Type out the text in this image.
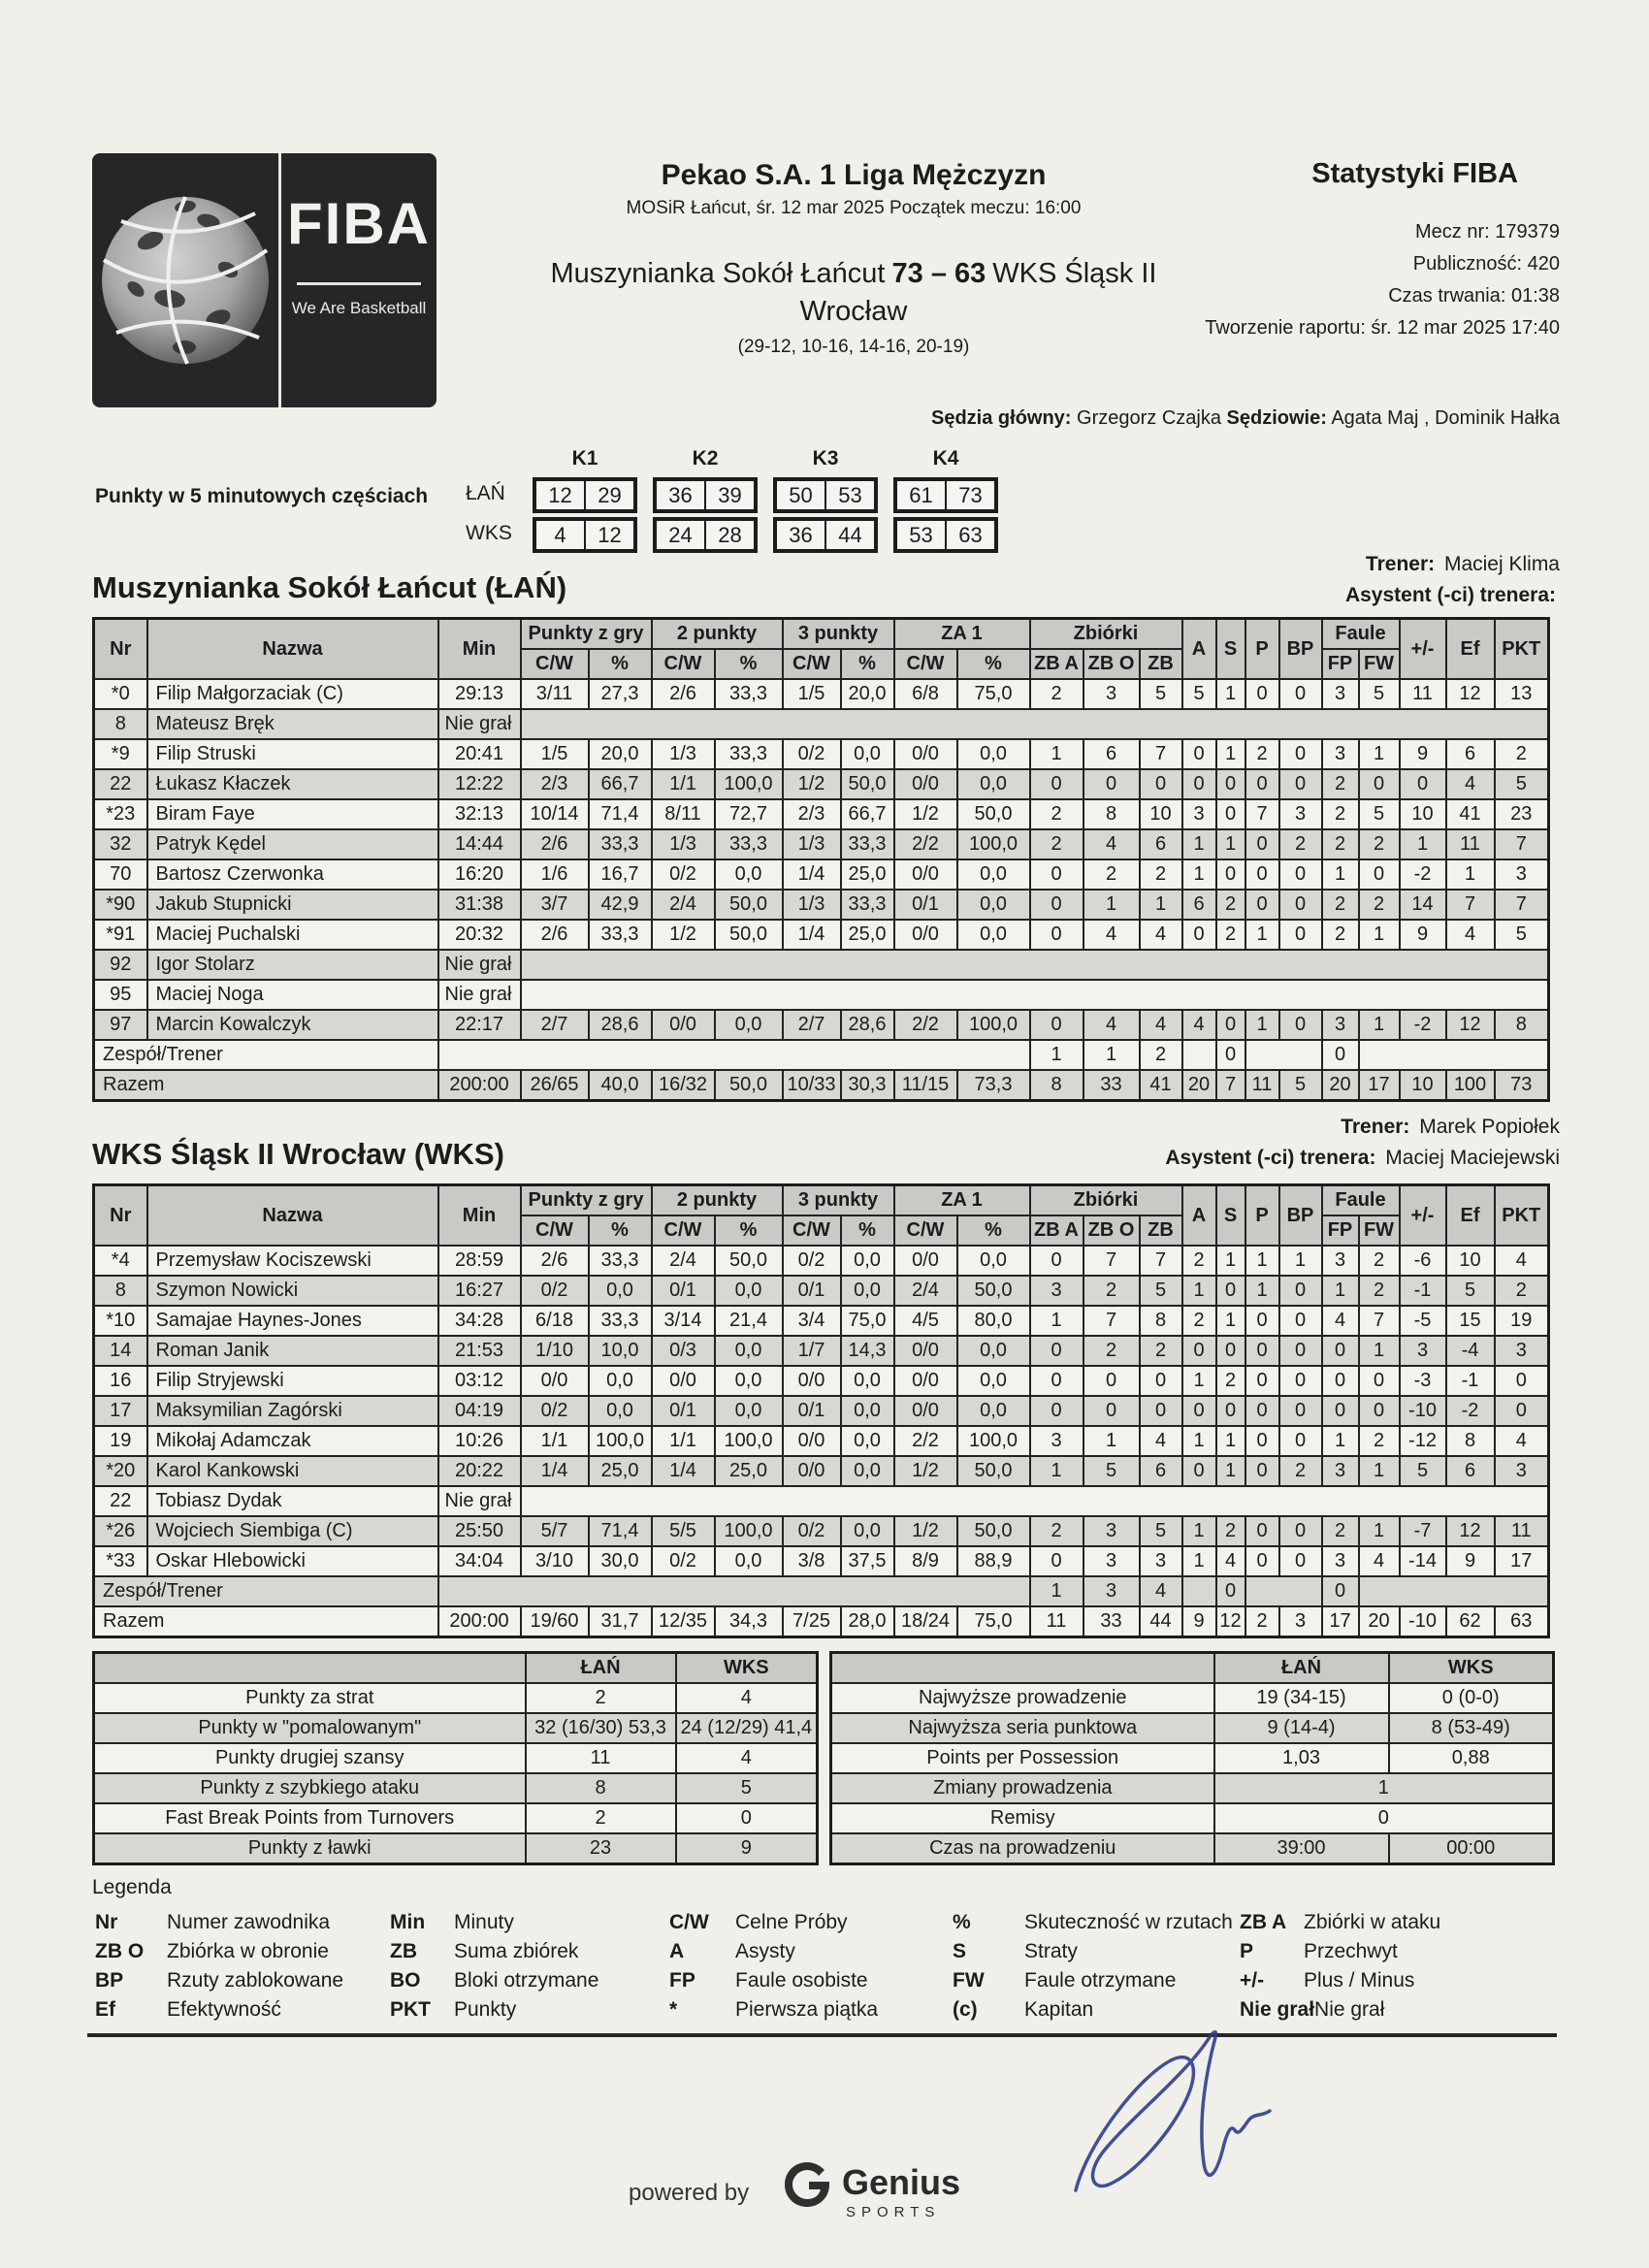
FIBA
We Are Basketball
Pekao S.A. 1 Liga Mężczyzn
MOSiR Łańcut, śr. 12 mar 2025 Początek meczu: 16:00
Muszynianka Sokół Łańcut 73 – 63 WKS Śląsk II
Wrocław
(29-12, 10-16, 14-16, 20-19)
Statystyki FIBA
Mecz nr: 179379
Publiczność: 420
Czas trwania: 01:38
Tworzenie raportu: śr. 12 mar 2025 17:40
Sędzia główny: Grzegorz Czajka Sędziowie: Agata Maj , Dominik Hałka
Punkty w 5 minutowych częściach
K1	K2	K3	K4
ŁAŃ	12	29	36	39	50	53	61	73
WKS	4	12	24	28	36	44	53	63
Trener: Maciej Klima
Asystent (-ci) trenera:
Muszynianka Sokół Łańcut (ŁAŃ)
Nr	Nazwa	Min	Punkty z gry		2 punkty		3 punkty		ZA 1		Zbiórki			A	S	P	BP	Faule		+/-	Ef	PKT
			C/W	%	C/W	%	C/W	%	C/W	%	ZB A	ZB O	ZB					FP	FW			
*0	Filip Małgorzaciak (C)	29:13	3/11	27,3	2/6	33,3	1/5	20,0	6/8	75,0	2	3	5	5	1	0	0	3	5	11	12	13
8	Mateusz Bręk	Nie grał																				
*9	Filip Struski	20:41	1/5	20,0	1/3	33,3	0/2	0,0	0/0	0,0	1	6	7	0	1	2	0	3	1	9	6	2
22	Łukasz Kłaczek	12:22	2/3	66,7	1/1	100,0	1/2	50,0	0/0	0,0	0	0	0	0	0	0	0	2	0	0	4	5
*23	Biram Faye	32:13	10/14	71,4	8/11	72,7	2/3	66,7	1/2	50,0	2	8	10	3	0	7	3	2	5	10	41	23
32	Patryk Kędel	14:44	2/6	33,3	1/3	33,3	1/3	33,3	2/2	100,0	2	4	6	1	1	0	2	2	2	1	11	7
70	Bartosz Czerwonka	16:20	1/6	16,7	0/2	0,0	1/4	25,0	0/0	0,0	0	2	2	1	0	0	0	1	0	-2	1	3
*90	Jakub Stupnicki	31:38	3/7	42,9	2/4	50,0	1/3	33,3	0/1	0,0	0	1	1	6	2	0	0	2	2	14	7	7
*91	Maciej Puchalski	20:32	2/6	33,3	1/2	50,0	1/4	25,0	0/0	0,0	0	4	4	0	2	1	0	2	1	9	4	5
92	Igor Stolarz	Nie grał																				
95	Maciej Noga	Nie grał																				
97	Marcin Kowalczyk	22:17	2/7	28,6	0/0	0,0	2/7	28,6	2/2	100,0	0	4	4	4	0	1	0	3	1	-2	12	8
Zespół/Trener											1	1	2		0			0				
Razem		200:00	26/65	40,0	16/32	50,0	10/33	30,3	11/15	73,3	8	33	41	20	7	11	5	20	17	10	100	73
Trener: Marek Popiołek
Asystent (-ci) trenera: Maciej Maciejewski
WKS Śląsk II Wrocław (WKS)
Nr	Nazwa	Min	Punkty z gry		2 punkty		3 punkty		ZA 1		Zbiórki			A	S	P	BP	Faule		+/-	Ef	PKT
			C/W	%	C/W	%	C/W	%	C/W	%	ZB A	ZB O	ZB					FP	FW			
*4	Przemysław Kociszewski	28:59	2/6	33,3	2/4	50,0	0/2	0,0	0/0	0,0	0	7	7	2	1	1	1	3	2	-6	10	4
8	Szymon Nowicki	16:27	0/2	0,0	0/1	0,0	0/1	0,0	2/4	50,0	3	2	5	1	0	1	0	1	2	-1	5	2
*10	Samajae Haynes-Jones	34:28	6/18	33,3	3/14	21,4	3/4	75,0	4/5	80,0	1	7	8	2	1	0	0	4	7	-5	15	19
14	Roman Janik	21:53	1/10	10,0	0/3	0,0	1/7	14,3	0/0	0,0	0	2	2	0	0	0	0	0	1	3	-4	3
16	Filip Stryjewski	03:12	0/0	0,0	0/0	0,0	0/0	0,0	0/0	0,0	0	0	0	1	2	0	0	0	0	-3	-1	0
17	Maksymilian Zagórski	04:19	0/2	0,0	0/1	0,0	0/1	0,0	0/0	0,0	0	0	0	0	0	0	0	0	0	-10	-2	0
19	Mikołaj Adamczak	10:26	1/1	100,0	1/1	100,0	0/0	0,0	2/2	100,0	3	1	4	1	1	0	0	1	2	-12	8	4
*20	Karol Kankowski	20:22	1/4	25,0	1/4	25,0	0/0	0,0	1/2	50,0	1	5	6	0	1	0	2	3	1	5	6	3
22	Tobiasz Dydak	Nie grał																				
*26	Wojciech Siembiga (C)	25:50	5/7	71,4	5/5	100,0	0/2	0,0	1/2	50,0	2	3	5	1	2	0	0	2	1	-7	12	11
*33	Oskar Hlebowicki	34:04	3/10	30,0	0/2	0,0	3/8	37,5	8/9	88,9	0	3	3	1	4	0	0	3	4	-14	9	17
Zespół/Trener											1	3	4		0			0				
Razem		200:00	19/60	31,7	12/35	34,3	7/25	28,0	18/24	75,0	11	33	44	9	12	2	3	17	20	-10	62	63
	ŁAŃ	WKS
Punkty za strat	2	4
Punkty w "pomalowanym"	32 (16/30) 53,3	24 (12/29) 41,4
Punkty drugiej szansy	11	4
Punkty z szybkiego ataku	8	5
Fast Break Points from Turnovers	2	0
Punkty z ławki	23	9
	ŁAŃ	WKS
Najwyższe prowadzenie	19 (34-15)	0 (0-0)
Najwyższa seria punktowa	9 (14-4)	8 (53-49)
Points per Possession	1,03	0,88
Zmiany prowadzenia	1	
Remisy	0	
Czas na prowadzeniu	39:00	00:00
Legenda
Nr	Numer zawodnika
ZB O	Zbiórka w obronie
BP	Rzuty zablokowane
Ef	Efektywność
Min	Minuty
ZB	Suma zbiórek
BO	Bloki otrzymane
PKT	Punkty
C/W	Celne Próby
A	Asysty
FP	Faule osobiste
*	Pierwsza piątka
%	Skuteczność w rzutach
S	Straty
FW	Faule otrzymane
(c)	Kapitan
ZB A Zbiórki w ataku
P	Przechwyt
+/-	Plus / Minus
Nie grał Nie grał
powered by	Genius
SPORTS
